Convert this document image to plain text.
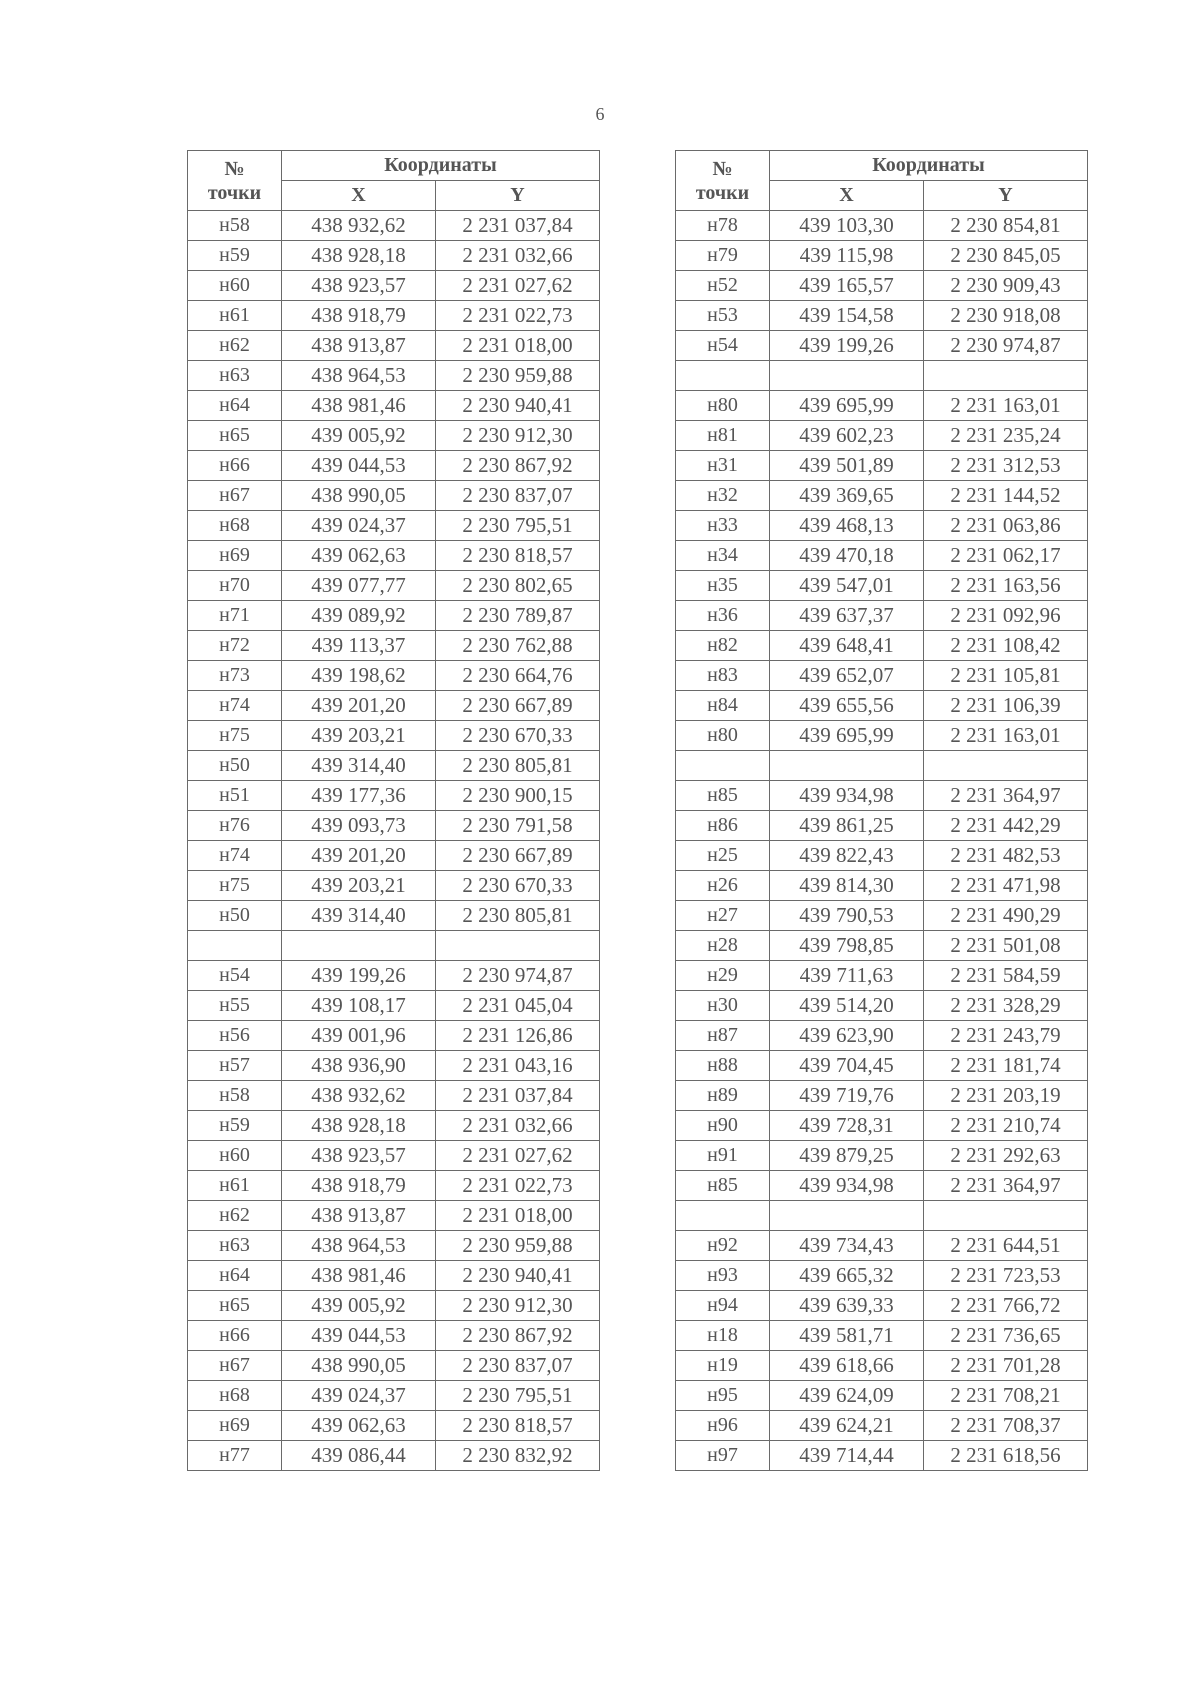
6
№
точки	Координаты	
	X	Y
н58	438 932,62	2 231 037,84
н59	438 928,18	2 231 032,66
н60	438 923,57	2 231 027,62
н61	438 918,79	2 231 022,73
н62	438 913,87	2 231 018,00
н63	438 964,53	2 230 959,88
н64	438 981,46	2 230 940,41
н65	439 005,92	2 230 912,30
н66	439 044,53	2 230 867,92
н67	438 990,05	2 230 837,07
н68	439 024,37	2 230 795,51
н69	439 062,63	2 230 818,57
н70	439 077,77	2 230 802,65
н71	439 089,92	2 230 789,87
н72	439 113,37	2 230 762,88
н73	439 198,62	2 230 664,76
н74	439 201,20	2 230 667,89
н75	439 203,21	2 230 670,33
н50	439 314,40	2 230 805,81
н51	439 177,36	2 230 900,15
н76	439 093,73	2 230 791,58
н74	439 201,20	2 230 667,89
н75	439 203,21	2 230 670,33
н50	439 314,40	2 230 805,81

н54	439 199,26	2 230 974,87
н55	439 108,17	2 231 045,04
н56	439 001,96	2 231 126,86
н57	438 936,90	2 231 043,16
н58	438 932,62	2 231 037,84
н59	438 928,18	2 231 032,66
н60	438 923,57	2 231 027,62
н61	438 918,79	2 231 022,73
н62	438 913,87	2 231 018,00
н63	438 964,53	2 230 959,88
н64	438 981,46	2 230 940,41
н65	439 005,92	2 230 912,30
н66	439 044,53	2 230 867,92
н67	438 990,05	2 230 837,07
н68	439 024,37	2 230 795,51
н69	439 062,63	2 230 818,57
н77	439 086,44	2 230 832,92
№
точки	Координаты	
	X	Y
н78	439 103,30	2 230 854,81
н79	439 115,98	2 230 845,05
н52	439 165,57	2 230 909,43
н53	439 154,58	2 230 918,08
н54	439 199,26	2 230 974,87

н80	439 695,99	2 231 163,01
н81	439 602,23	2 231 235,24
н31	439 501,89	2 231 312,53
н32	439 369,65	2 231 144,52
н33	439 468,13	2 231 063,86
н34	439 470,18	2 231 062,17
н35	439 547,01	2 231 163,56
н36	439 637,37	2 231 092,96
н82	439 648,41	2 231 108,42
н83	439 652,07	2 231 105,81
н84	439 655,56	2 231 106,39
н80	439 695,99	2 231 163,01

н85	439 934,98	2 231 364,97
н86	439 861,25	2 231 442,29
н25	439 822,43	2 231 482,53
н26	439 814,30	2 231 471,98
н27	439 790,53	2 231 490,29
н28	439 798,85	2 231 501,08
н29	439 711,63	2 231 584,59
н30	439 514,20	2 231 328,29
н87	439 623,90	2 231 243,79
н88	439 704,45	2 231 181,74
н89	439 719,76	2 231 203,19
н90	439 728,31	2 231 210,74
н91	439 879,25	2 231 292,63
н85	439 934,98	2 231 364,97

н92	439 734,43	2 231 644,51
н93	439 665,32	2 231 723,53
н94	439 639,33	2 231 766,72
н18	439 581,71	2 231 736,65
н19	439 618,66	2 231 701,28
н95	439 624,09	2 231 708,21
н96	439 624,21	2 231 708,37
н97	439 714,44	2 231 618,56
